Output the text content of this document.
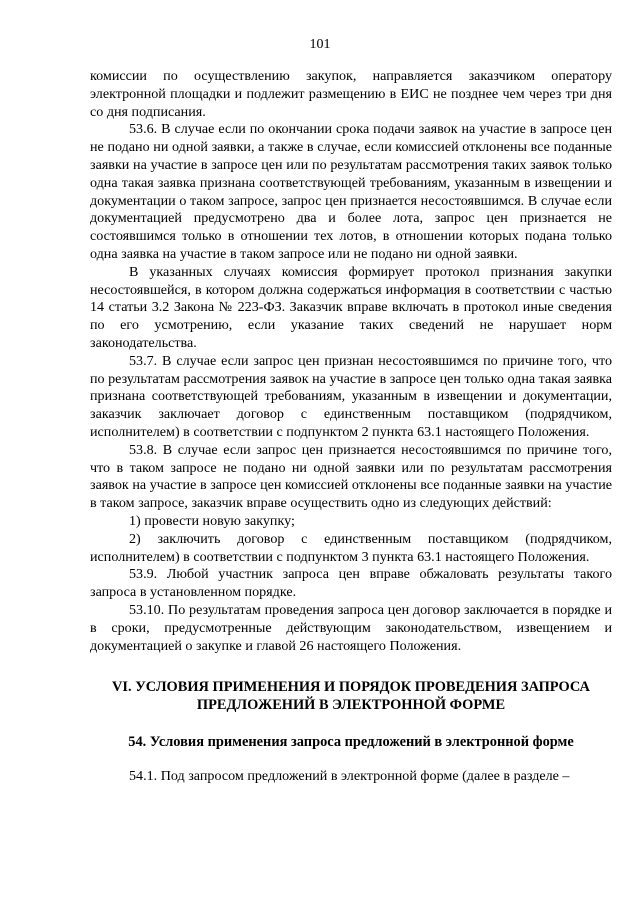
101

комиссии по осуществлению закупок, направляется заказчиком оператору электронной площадки и подлежит размещению в ЕИС не позднее чем через три дня со дня подписания.

53.6. В случае если по окончании срока подачи заявок на участие в запросе цен не подано ни одной заявки, а также в случае, если комиссией отклонены все поданные заявки на участие в запросе цен или по результатам рассмотрения таких заявок только одна такая заявка признана соответствующей требованиям, указанным в извещении и документации о таком запросе, запрос цен признается несостоявшимся. В случае если документацией предусмотрено два и более лота, запрос цен признается не состоявшимся только в отношении тех лотов, в отношении которых подана только одна заявка на участие в таком запросе или не подано ни одной заявки.

В указанных случаях комиссия формирует протокол признания закупки несостоявшейся, в котором должна содержаться информация в соответствии с частью 14 статьи 3.2 Закона № 223-ФЗ. Заказчик вправе включать в протокол иные сведения по его усмотрению, если указание таких сведений не нарушает норм законодательства.

53.7. В случае если запрос цен признан несостоявшимся по причине того, что по результатам рассмотрения заявок на участие в запросе цен только одна такая заявка признана соответствующей требованиям, указанным в извещении и документации, заказчик заключает договор с единственным поставщиком (подрядчиком, исполнителем) в соответствии с подпунктом 2 пункта 63.1 настоящего Положения.

53.8. В случае если запрос цен признается несостоявшимся по причине того, что в таком запросе не подано ни одной заявки или по результатам рассмотрения заявок на участие в запросе цен комиссией отклонены все поданные заявки на участие в таком запросе, заказчик вправе осуществить одно из следующих действий:

1) провести новую закупку;

2) заключить договор с единственным поставщиком (подрядчиком, исполнителем) в соответствии с подпунктом 3 пункта 63.1 настоящего Положения.

53.9. Любой участник запроса цен вправе обжаловать результаты такого запроса в установленном порядке.

53.10. По результатам проведения запроса цен договор заключается в порядке и в сроки, предусмотренные действующим законодательством, извещением и документацией о закупке и главой 26 настоящего Положения.

VI. УСЛОВИЯ ПРИМЕНЕНИЯ И ПОРЯДОК ПРОВЕДЕНИЯ ЗАПРОСА
ПРЕДЛОЖЕНИЙ В ЭЛЕКТРОННОЙ ФОРМЕ
54. Условия применения запроса предложений в электронной форме

54.1. Под запросом предложений в электронной форме (далее в разделе –
